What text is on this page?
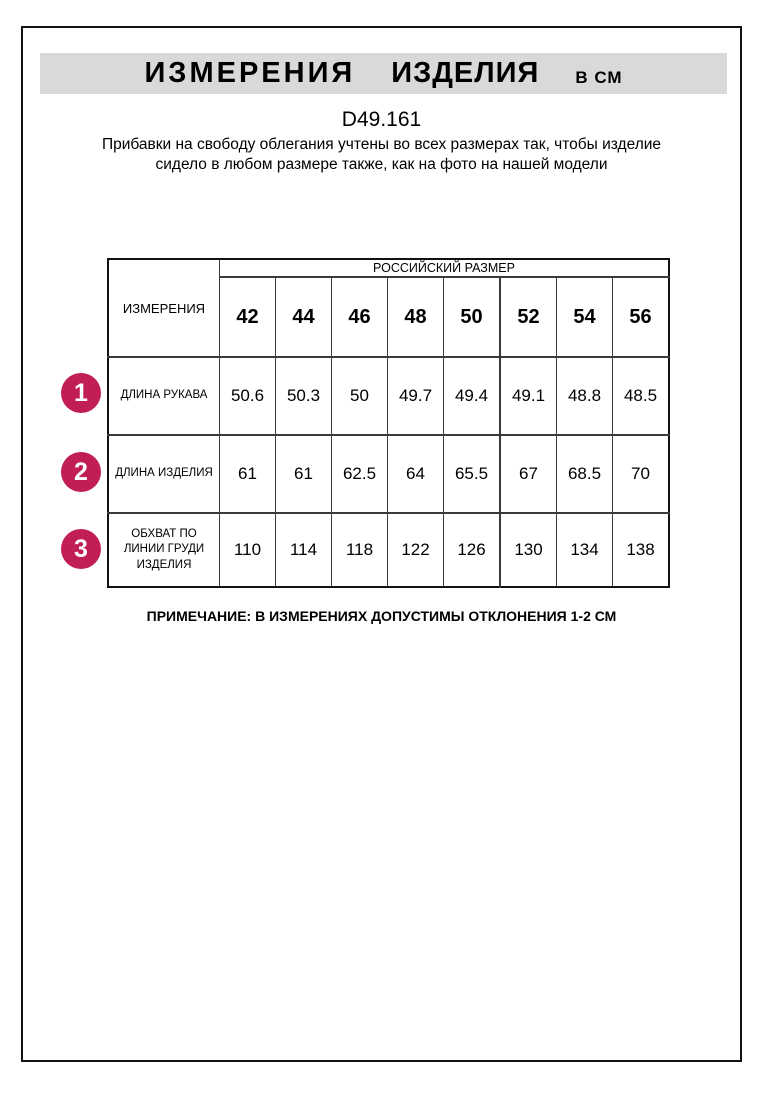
ИЗМЕРЕНИЯ ИЗДЕЛИЯ В СМ
D49.161
Прибавки на свободу облегания учтены во всех размерах так, чтобы изделие сидело в любом размере также, как на фото на нашей модели
ИЗМЕРЕНИЯ	РОССИЙСКИЙ РАЗМЕР							
	42	44	46	48	50	52	54	56
ДЛИНА РУКАВА	50.6	50.3	50	49.7	49.4	49.1	48.8	48.5
ДЛИНА ИЗДЕЛИЯ	61	61	62.5	64	65.5	67	68.5	70
ОБХВАТ ПО ЛИНИИ ГРУДИ ИЗДЕЛИЯ	110	114	118	122	126	130	134	138
1
2
3
ПРИМЕЧАНИЕ: В ИЗМЕРЕНИЯХ ДОПУСТИМЫ ОТКЛОНЕНИЯ 1-2 СМ
